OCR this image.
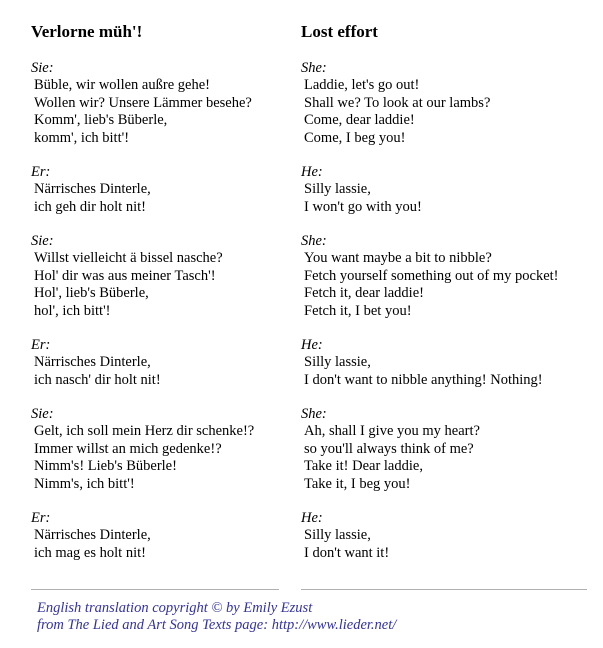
Verlorne müh'!
Sie:
Büble, wir wollen außre gehe!
Wollen wir? Unsere Lämmer besehe?
Komm', lieb's Büberle,
komm', ich bitt'!
Er:
Närrisches Dinterle,
ich geh dir holt nit!
Sie:
Willst vielleicht ä bissel nasche?
Hol' dir was aus meiner Tasch'!
Hol', lieb's Büberle,
hol', ich bitt'!
Er:
Närrisches Dinterle,
ich nasch' dir holt nit!
Sie:
Gelt, ich soll mein Herz dir schenke!?
Immer willst an mich gedenke!?
Nimm's! Lieb's Büberle!
Nimm's, ich bitt'!
Er:
Närrisches Dinterle,
ich mag es holt nit!
Lost effort
She:
Laddie, let's go out!
Shall we? To look at our lambs?
Come, dear laddie!
Come, I beg you!
He:
Silly lassie,
I won't go with you!
She:
You want maybe a bit to nibble?
Fetch yourself something out of my pocket!
Fetch it, dear laddie!
Fetch it, I bet you!
He:
Silly lassie,
I don't want to nibble anything! Nothing!
She:
Ah, shall I give you my heart?
so you'll always think of me?
Take it! Dear laddie,
Take it, I beg you!
He:
Silly lassie,
I don't want it!
English translation copyright © by Emily Ezust
from The Lied and Art Song Texts page: http://www.lieder.net/
